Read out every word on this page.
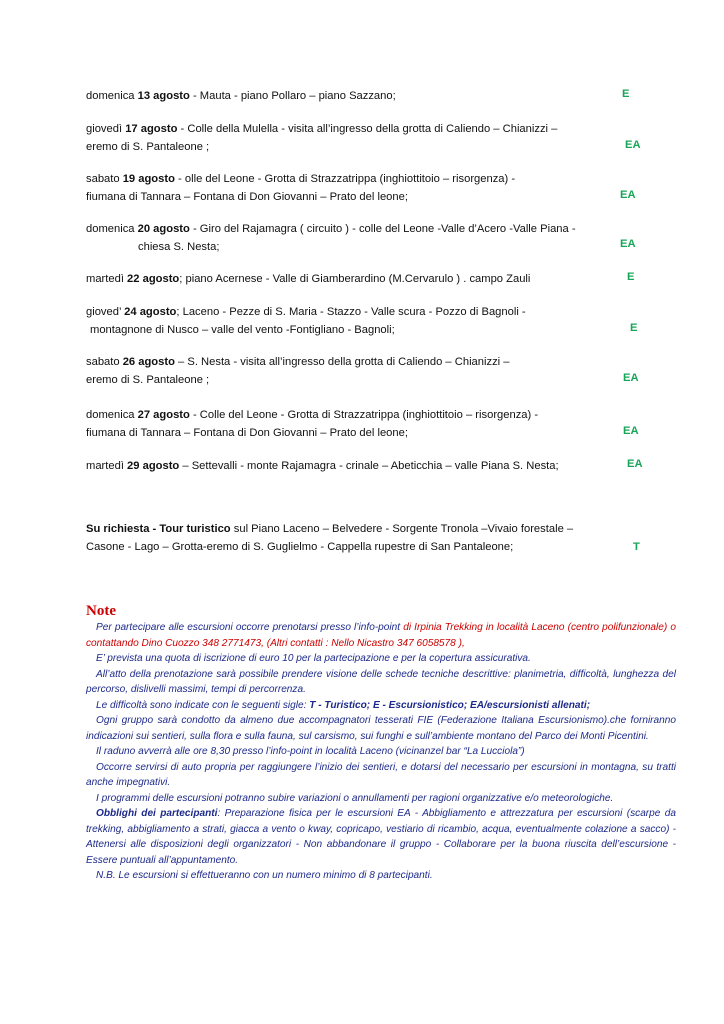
domenica 13 agosto - Mauta - piano Pollaro – piano Sazzano;	E
giovedì 17 agosto - Colle della Mulella - visita all’ingresso della grotta di Caliendo – Chianizzi –
eremo di S. Pantaleone ;	EA
sabato 19 agosto - olle del Leone - Grotta di Strazzatrippa (inghiottitoio – risorgenza) -
fiumana di Tannara – Fontana di Don Giovanni – Prato del leone;	EA
domenica 20 agosto - Giro del Rajamagra ( circuito ) - colle del Leone -Valle d’Acero -Valle Piana -
chiesa S. Nesta;	EA
martedì 22 agosto; piano Acernese - Valle di Giamberardino (M.Cervarulo ) . campo Zauli	E
gioved’ 24 agosto; Laceno - Pezze di S. Maria - Stazzo - Valle scura - Pozzo di Bagnoli -
montagnone di Nusco – valle del vento -Fontigliano - Bagnoli;	E
sabato 26 agosto – S. Nesta - visita all’ingresso della grotta di Caliendo – Chianizzi –
eremo di S. Pantaleone ;	EA
domenica 27 agosto - Colle del Leone - Grotta di Strazzatrippa (inghiottitoio – risorgenza) -
fiumana di Tannara – Fontana di Don Giovanni – Prato del leone;	EA
martedì 29 agosto – Settevalli - monte Rajamagra - crinale – Abeticchia – valle Piana S. Nesta;	EA
Su richiesta - Tour turistico sul Piano Laceno – Belvedere - Sorgente Tronola –Vivaio forestale –
Casone - Lago – Grotta-eremo di S. Guglielmo - Cappella rupestre di San Pantaleone;	T
Note

Per partecipare alle escursioni occorre prenotarsi presso l’info-point di Irpinia Trekking in località Laceno (centro polifunzionale) o contattando Dino Cuozzo 348 2771473, (Altri contatti : Nello Nicastro 347 6058578 ),

E’ prevista una quota di iscrizione di euro 10 per la partecipazione e per la copertura assicurativa.

All’atto della prenotazione sarà possibile prendere visione delle schede tecniche descrittive: planimetria, difficoltà, lunghezza del percorso, dislivelli massimi, tempi di percorrenza.

Le difficoltà sono indicate con le seguenti sigle: T - Turistico; E - Escursionistico; EA/escursionisti allenati;

Ogni gruppo sarà condotto da almeno due accompagnatori tesserati FIE (Federazione Italiana Escursionismo).che forniranno indicazioni sui sentieri, sulla flora e sulla fauna, sul carsismo, sui funghi e sull’ambiente montano del Parco dei Monti Picentini.

Il raduno avverrà alle ore 8,30 presso l’info-point in località Laceno (vicinanzel bar “La Lucciola”)

Occorre servirsi di auto propria per raggiungere l’inizio dei sentieri, e dotarsi del necessario per escursioni in montagna, su tratti anche impegnativi.

I programmi delle escursioni potranno subire variazioni o annullamenti per ragioni organizzative e/o meteorologiche.

Obblighi dei partecipanti: Preparazione fisica per le escursioni EA - Abbigliamento e attrezzatura per escursioni (scarpe da trekking, abbigliamento a strati, giacca a vento o kway, copricapo, vestiario di ricambio, acqua, eventualmente colazione a sacco) - Attenersi alle disposizioni degli organizzatori - Non abbandonare il gruppo - Collaborare per la buona riuscita dell’escursione - Essere puntuali all’appuntamento.

N.B. Le escursioni si effettueranno con un numero minimo di 8 partecipanti.
